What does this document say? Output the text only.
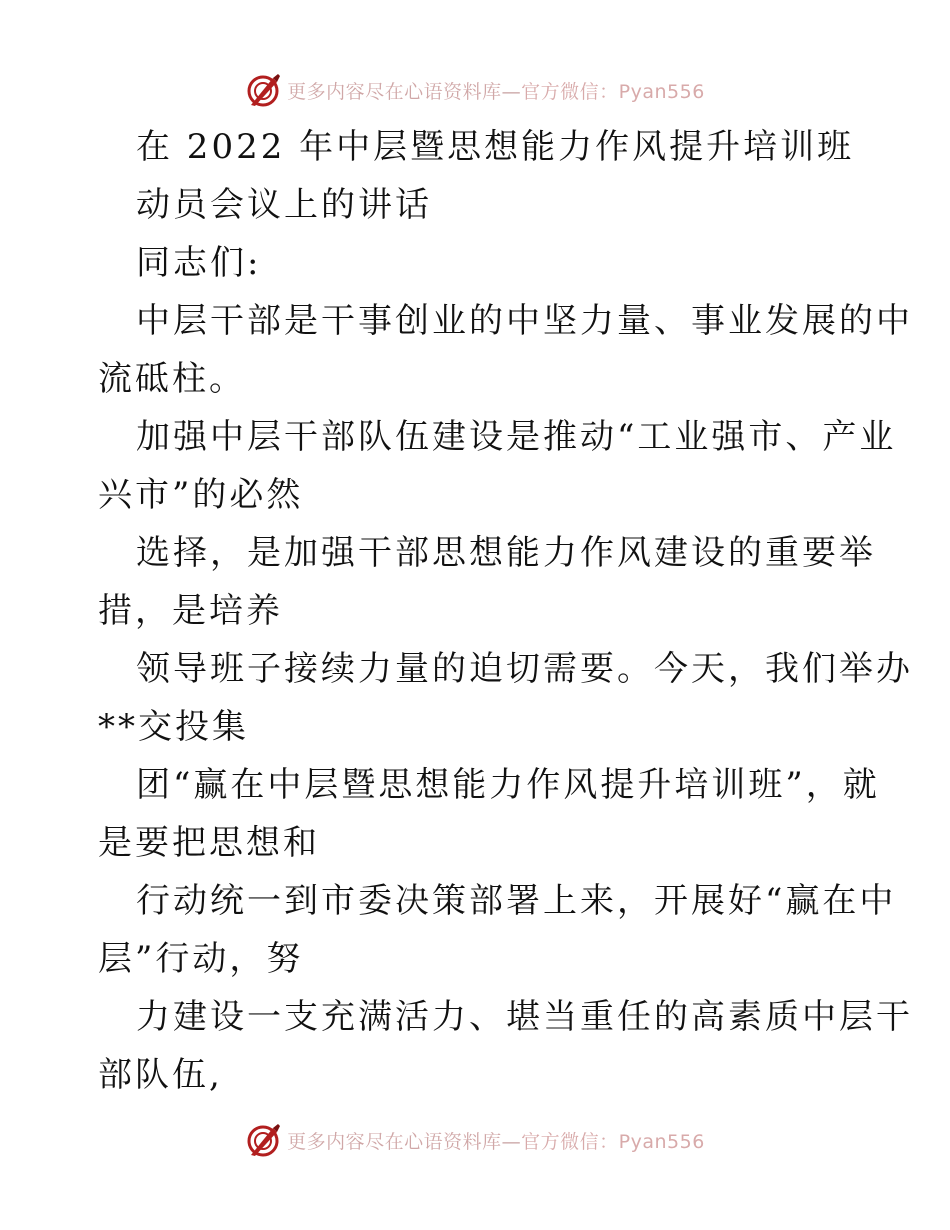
更多内容尽在心语资料库—官方微信：Pyan556
在 2022 年中层暨思想能力作风提升培训班
动员会议上的讲话
同志们:
中层干部是干事创业的中坚力量、事业发展的中
流砥柱。
加强中层干部队伍建设是推动“工业强市、产业
兴市”的必然
选择，是加强干部思想能力作风建设的重要举
措，是培养
领导班子接续力量的迫切需要。今天，我们举办
**交投集
团“赢在中层暨思想能力作风提升培训班”，就
是要把思想和
行动统一到市委决策部署上来，开展好“赢在中
层”行动，努
力建设一支充满活力、堪当重任的高素质中层干
部队伍,
更多内容尽在心语资料库—官方微信：Pyan556
